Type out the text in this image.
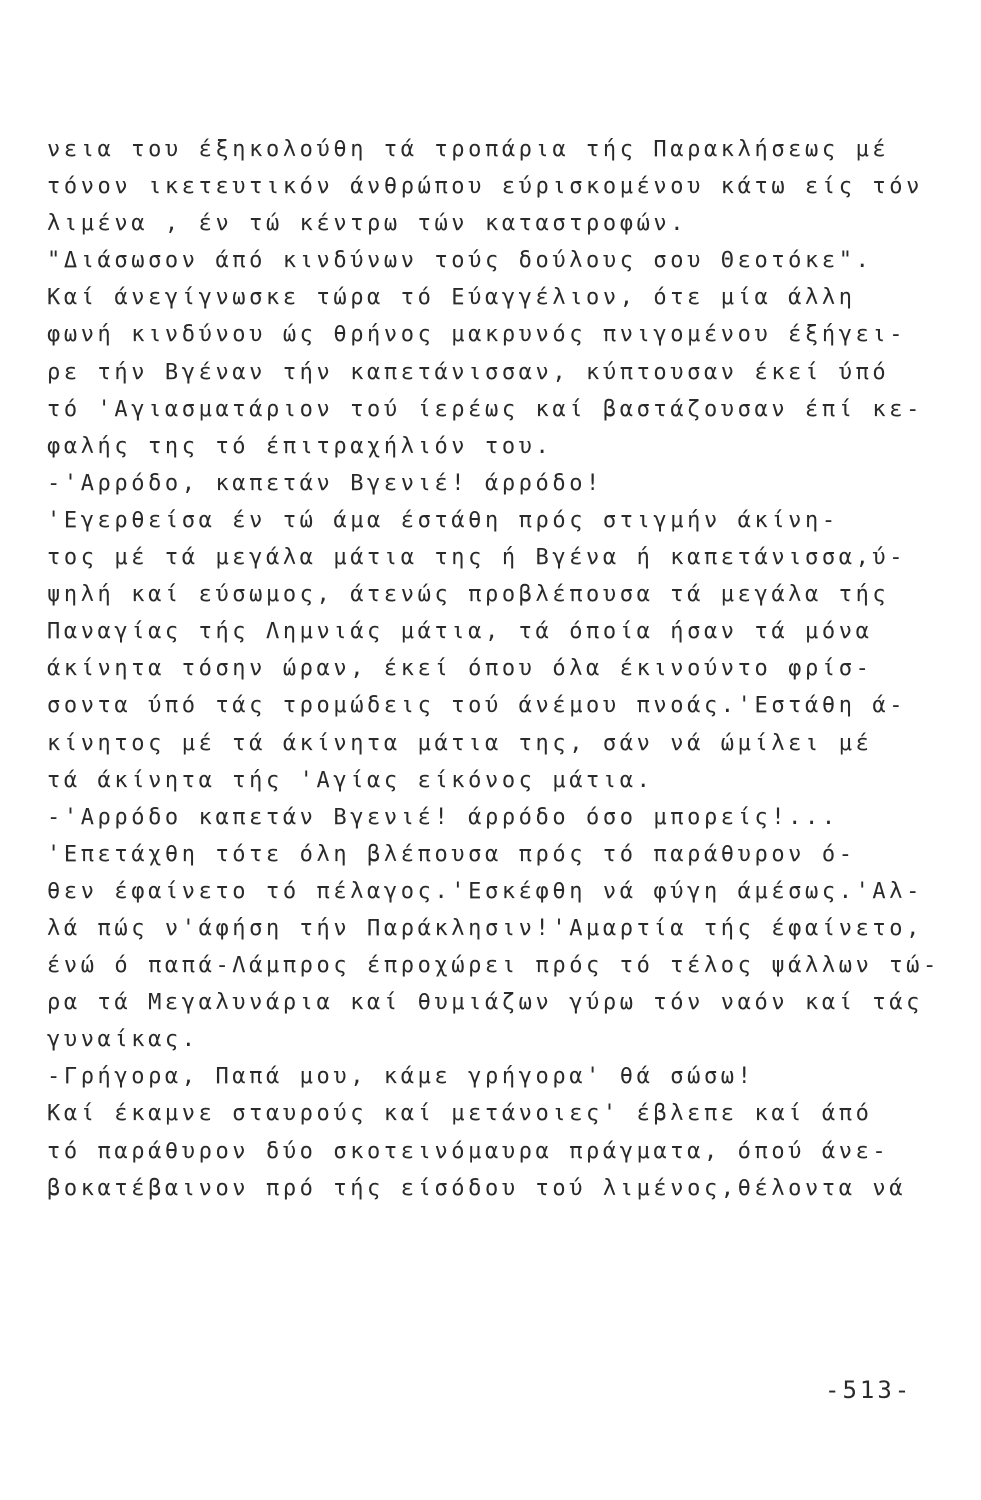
νεια του έξηκολούθη τά τροπάρια τής Παρακλήσεως μέ
τόνον ικετευτικόν άνθρώπου εύρισκομένου κάτω είς τόν
λιμένα , έν τώ κέντρω τών καταστροφών.
"Διάσωσον άπό κινδύνων τούς δούλους σου Θεοτόκε".
Καί άνεγίγνωσκε τώρα τό Εύαγγέλιον, ότε μία άλλη
φωνή κινδύνου ώς θρήνος μακρυνός πνιγομένου έξήγει-
ρε τήν Βγέναν τήν καπετάνισσαν, κύπτουσαν έκεί ύπό
τό 'Αγιασματάριον τού ίερέως καί βαστάζουσαν έπί κε-
φαλής της τό έπιτραχήλιόν του.
-'Αρρόδο, καπετάν Βγενιέ! άρρόδο!
'Εγερθείσα έν τώ άμα έστάθη πρός στιγμήν άκίνη-
τος μέ τά μεγάλα μάτια της ή Βγένα ή καπετάνισσα,ύ-
ψηλή καί εύσωμος, άτενώς προβλέπουσα τά μεγάλα τής
Παναγίας τής Λημνιάς μάτια, τά όποία ήσαν τά μόνα
άκίνητα τόσην ώραν, έκεί όπου όλα έκινούντο φρίσ-
σοντα ύπό τάς τρομώδεις τού άνέμου πνοάς.'Εστάθη ά-
κίνητος μέ τά άκίνητα μάτια της, σάν νά ώμίλει μέ
τά άκίνητα τής 'Αγίας είκόνος μάτια.
-'Αρρόδο καπετάν Βγενιέ! άρρόδο όσο μπορείς!...
'Επετάχθη τότε όλη βλέπουσα πρός τό παράθυρον ό-
θεν έφαίνετο τό πέλαγος.'Εσκέφθη νά φύγη άμέσως.'Αλ-
λά πώς ν'άφήση τήν Παράκλησιν!'Αμαρτία τής έφαίνετο,
ένώ ό παπά-Λάμπρος έπροχώρει πρός τό τέλος ψάλλων τώ-
ρα τά Μεγαλυνάρια καί θυμιάζων γύρω τόν ναόν καί τάς
γυναίκας.
-Γρήγορα, Παπά μου, κάμε γρήγορα' θά σώσω!
Καί έκαμνε σταυρούς καί μετάνοιες' έβλεπε καί άπό
τό παράθυρον δύο σκοτεινόμαυρα πράγματα, όπού άνε-
βοκατέβαινον πρό τής είσόδου τού λιμένος,θέλοντα νά
-513-
